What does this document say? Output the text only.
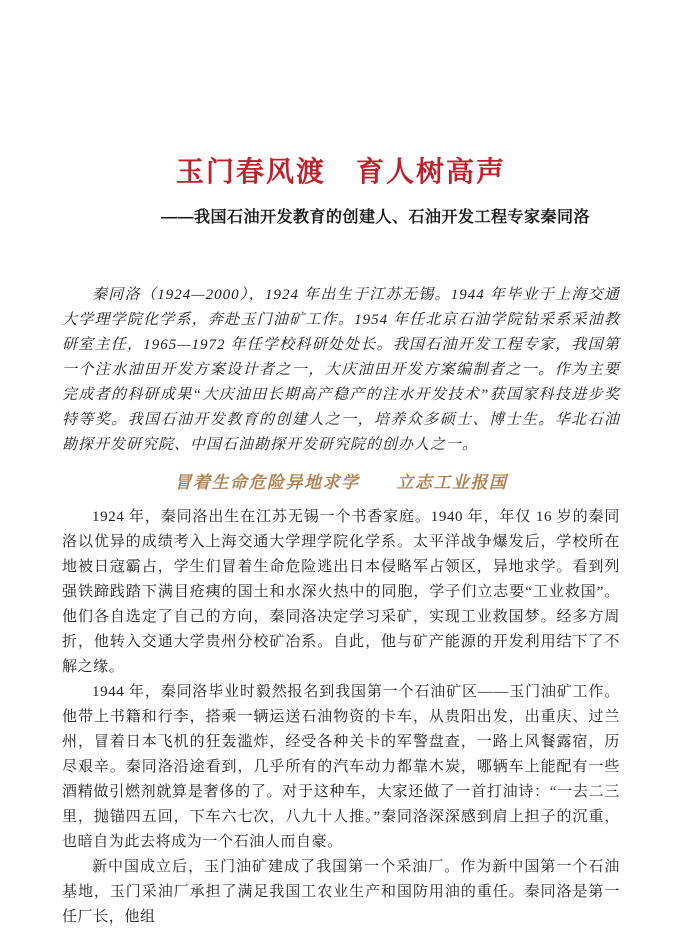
玉门春风渡　育人树高声
——我国石油开发教育的创建人、石油开发工程专家秦同洛

秦同洛（1924—2000），1924 年出生于江苏无锡。1944 年毕业于上海交通大学理学院化学系，奔赴玉门油矿工作。1954 年任北京石油学院钻采系采油教研室主任，1965—1972 年任学校科研处处长。我国石油开发工程专家，我国第一个注水油田开发方案设计者之一，大庆油田开发方案编制者之一。作为主要完成者的科研成果“大庆油田长期高产稳产的注水开发技术”获国家科技进步奖特等奖。我国石油开发教育的创建人之一，培养众多硕士、博士生。华北石油勘探开发研究院、中国石油勘探开发研究院的创办人之一。

冒着生命危险异地求学　　立志工业报国

1924 年，秦同洛出生在江苏无锡一个书香家庭。1940 年，年仅 16 岁的秦同洛以优异的成绩考入上海交通大学理学院化学系。太平洋战争爆发后，学校所在地被日寇霸占，学生们冒着生命危险逃出日本侵略军占领区，异地求学。看到列强铁蹄践踏下满目疮痍的国土和水深火热中的同胞，学子们立志要“工业救国”。他们各自选定了自己的方向，秦同洛决定学习采矿，实现工业救国梦。经多方周折，他转入交通大学贵州分校矿冶系。自此，他与矿产能源的开发利用结下了不解之缘。

1944 年，秦同洛毕业时毅然报名到我国第一个石油矿区——玉门油矿工作。他带上书籍和行李，搭乘一辆运送石油物资的卡车，从贵阳出发，出重庆、过兰州，冒着日本飞机的狂轰滥炸，经受各种关卡的军警盘查，一路上风餐露宿，历尽艰辛。秦同洛沿途看到，几乎所有的汽车动力都靠木炭，哪辆车上能配有一些酒精做引燃剂就算是奢侈的了。对于这种车，大家还做了一首打油诗：“一去二三里，抛锚四五回，下车六七次，八九十人推。”秦同洛深深感到肩上担子的沉重，也暗自为此去将成为一个石油人而自豪。

新中国成立后，玉门油矿建成了我国第一个采油厂。作为新中国第一个石油基地，玉门采油厂承担了满足我国工农业生产和国防用油的重任。秦同洛是第一任厂长，他组
